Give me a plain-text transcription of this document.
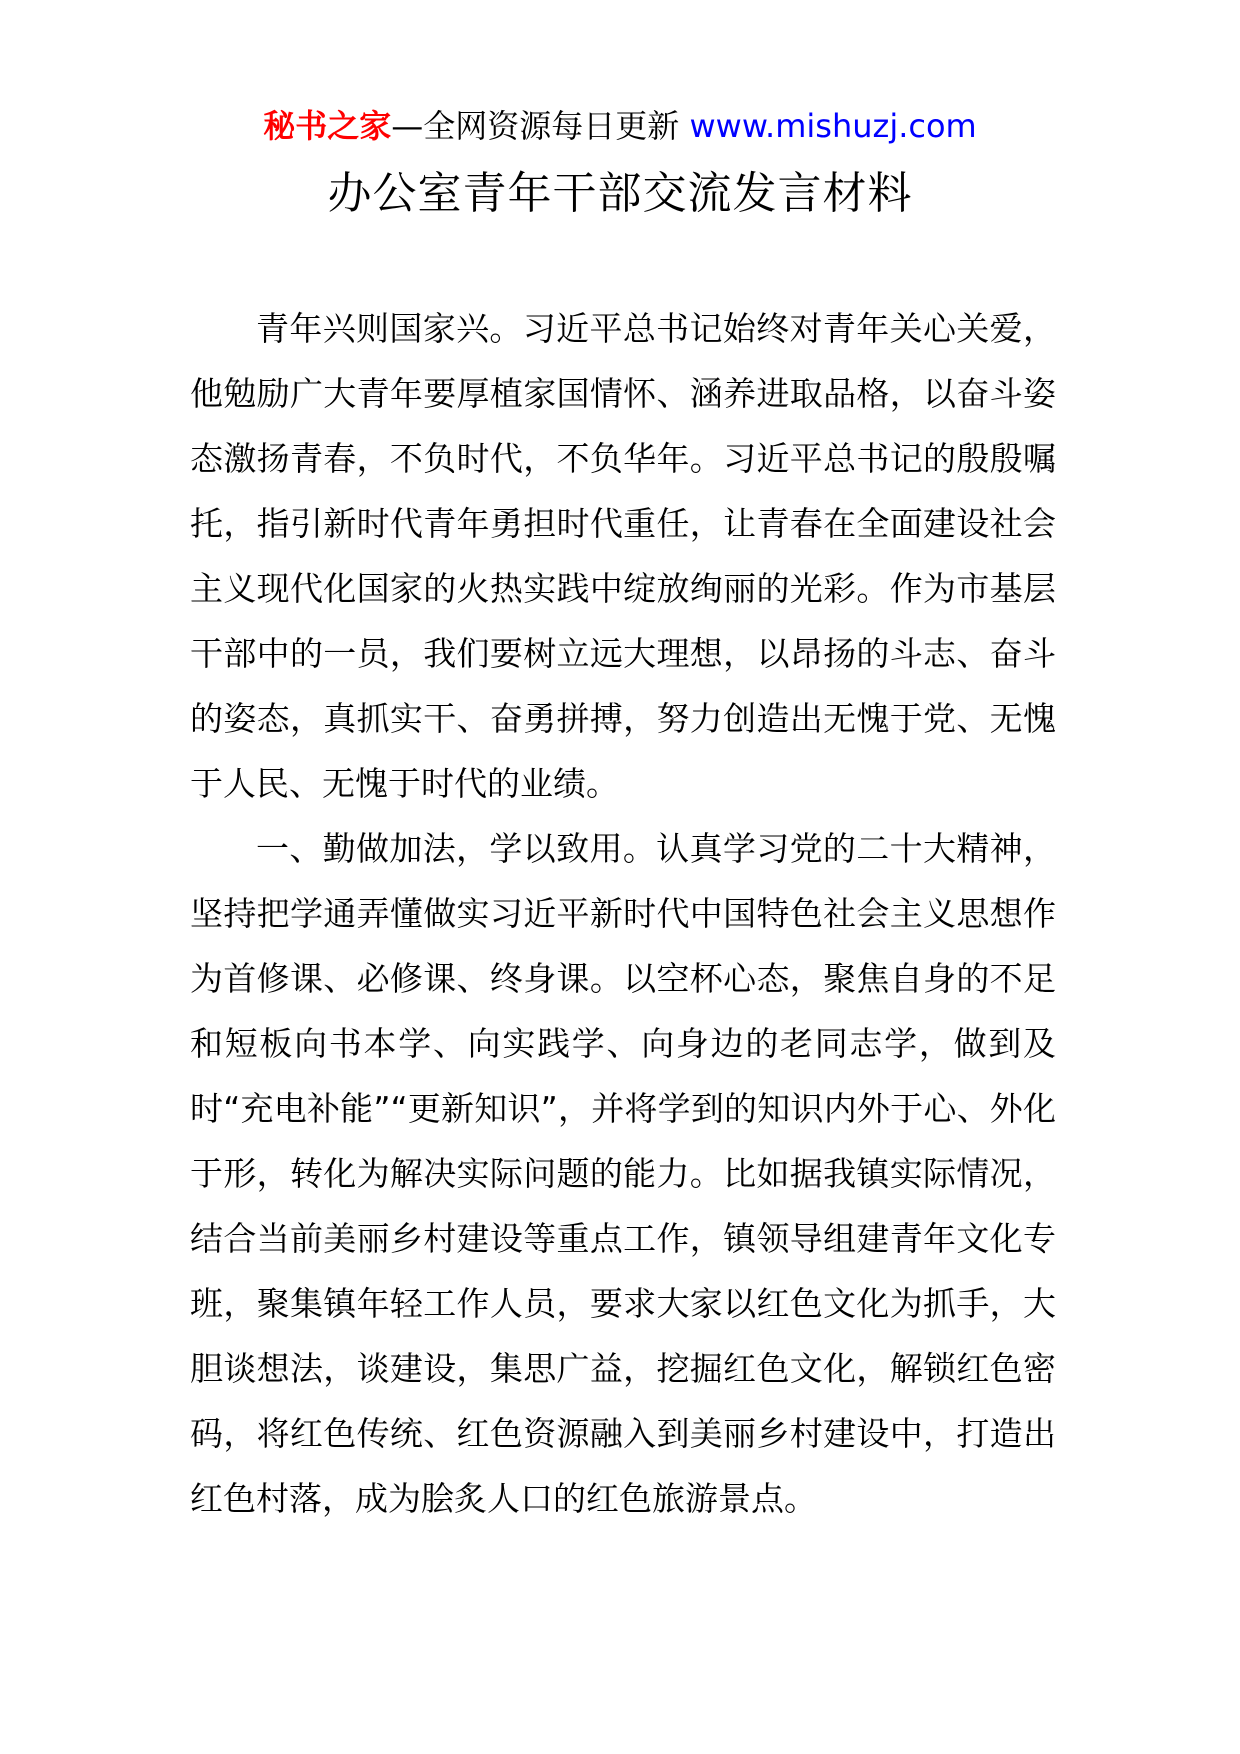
秘书之家—全网资源每日更新 www.mishuzj.com
办公室青年干部交流发言材料

青年兴则国家兴。习近平总书记始终对青年关心关爱，他勉励广大青年要厚植家国情怀、涵养进取品格，以奋斗姿态激扬青春，不负时代，不负华年。习近平总书记的殷殷嘱托，指引新时代青年勇担时代重任，让青春在全面建设社会主义现代化国家的火热实践中绽放绚丽的光彩。作为市基层干部中的一员，我们要树立远大理想，以昂扬的斗志、奋斗的姿态，真抓实干、奋勇拼搏，努力创造出无愧于党、无愧于人民、无愧于时代的业绩。

一、勤做加法，学以致用。认真学习党的二十大精神，坚持把学通弄懂做实习近平新时代中国特色社会主义思想作为首修课、必修课、终身课。以空杯心态，聚焦自身的不足和短板向书本学、向实践学、向身边的老同志学，做到及时“充电补能”“更新知识”，并将学到的知识内外于心、外化于形，转化为解决实际问题的能力。比如据我镇实际情况，结合当前美丽乡村建设等重点工作，镇领导组建青年文化专班，聚集镇年轻工作人员，要求大家以红色文化为抓手，大胆谈想法，谈建设，集思广益，挖掘红色文化，解锁红色密码，将红色传统、红色资源融入到美丽乡村建设中，打造出红色村落，成为脍炙人口的红色旅游景点。
